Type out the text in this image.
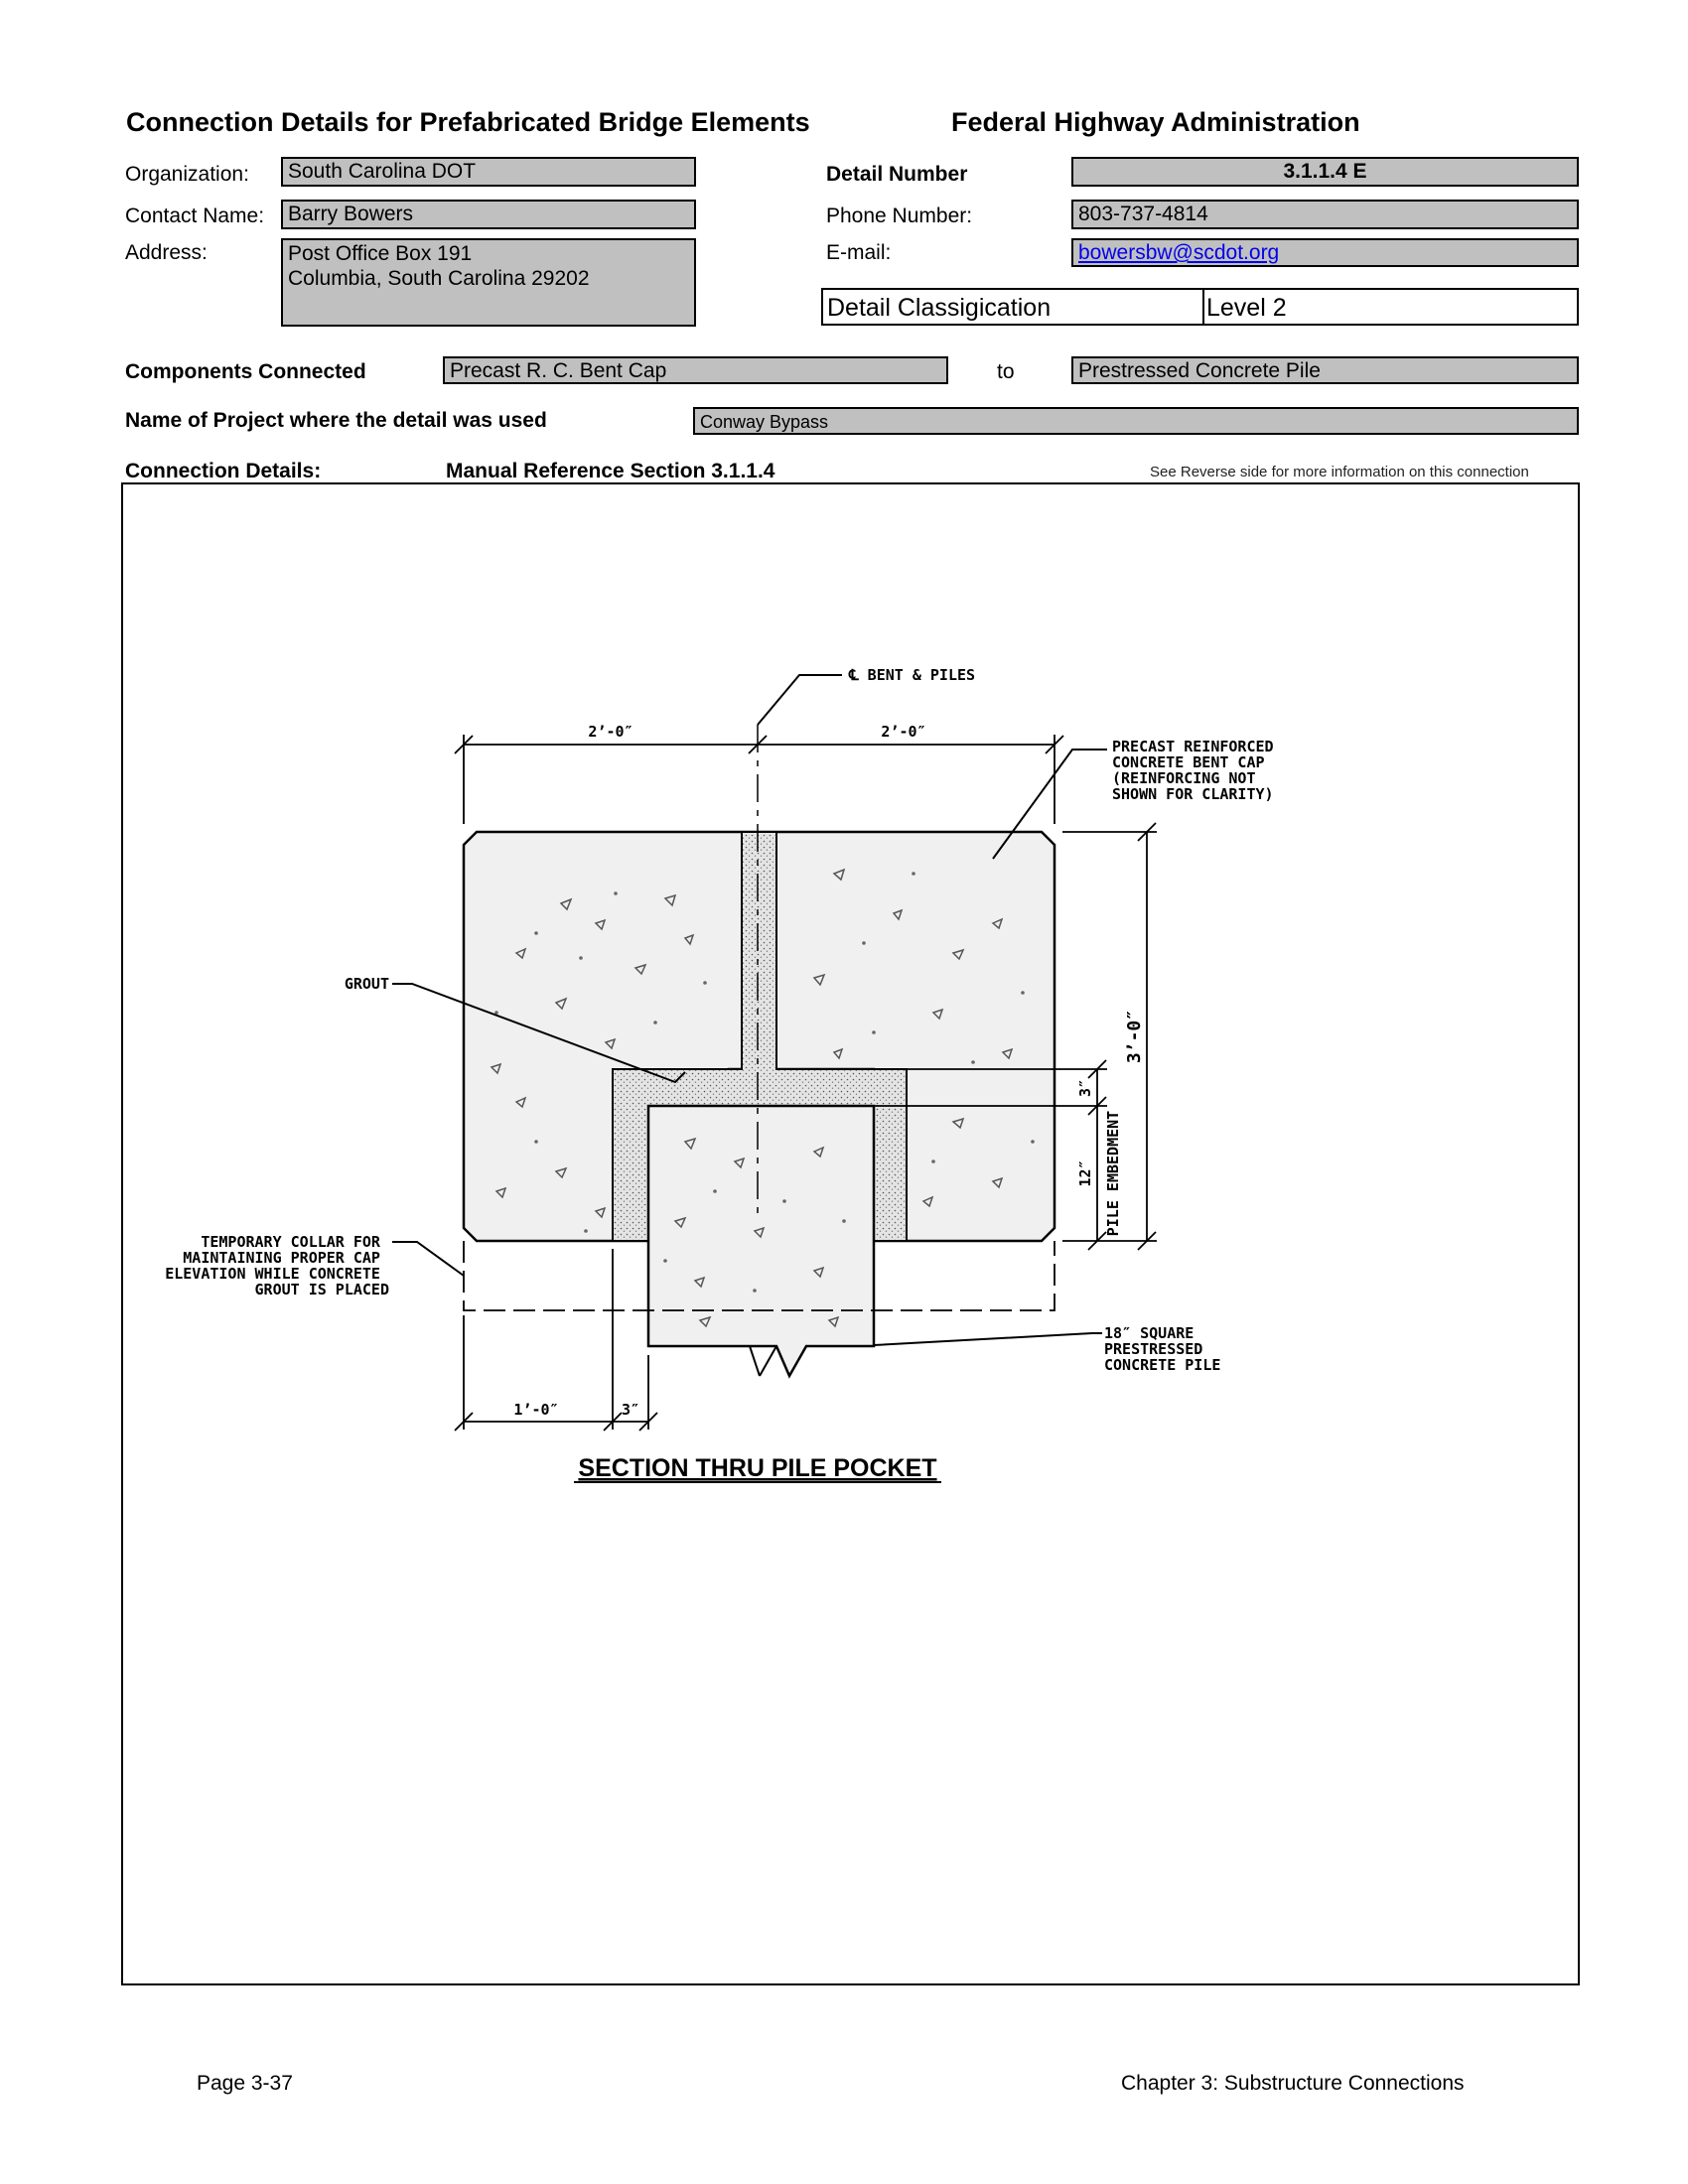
Connection Details for Prefabricated Bridge Elements	Federal Highway Administration
Organization:	South Carolina DOT
Contact Name:	Barry Bowers
Address:	Post Office Box 191
Columbia, South Carolina 29202
Detail Number	3.1.1.4 E
Phone Number:	803-737-4814
E-mail:	bowersbw@scdot.org
Detail Classigication	Level 2
Components Connected	Precast R. C. Bent Cap	to	Prestressed Concrete Pile
Name of Project where the detail was used	Conway Bypass
Connection Details:	Manual Reference Section 3.1.1.4	See Reverse side for more information on this connection
℄ BENT & PILES
2’-0″	2’-0″
PRECAST REINFORCED CONCRETE BENT CAP (REINFORCING NOT SHOWN FOR CLARITY)
GROUT
3’-0″
3″
12″ PILE EMBEDMENT
TEMPORARY COLLAR FOR MAINTAINING PROPER CAP ELEVATION WHILE CONCRETE GROUT IS PLACED
18″ SQUARE PRESTRESSED CONCRETE PILE
1’-0″	3″
SECTION THRU PILE POCKET
Page 3-37	Chapter 3: Substructure Connections
